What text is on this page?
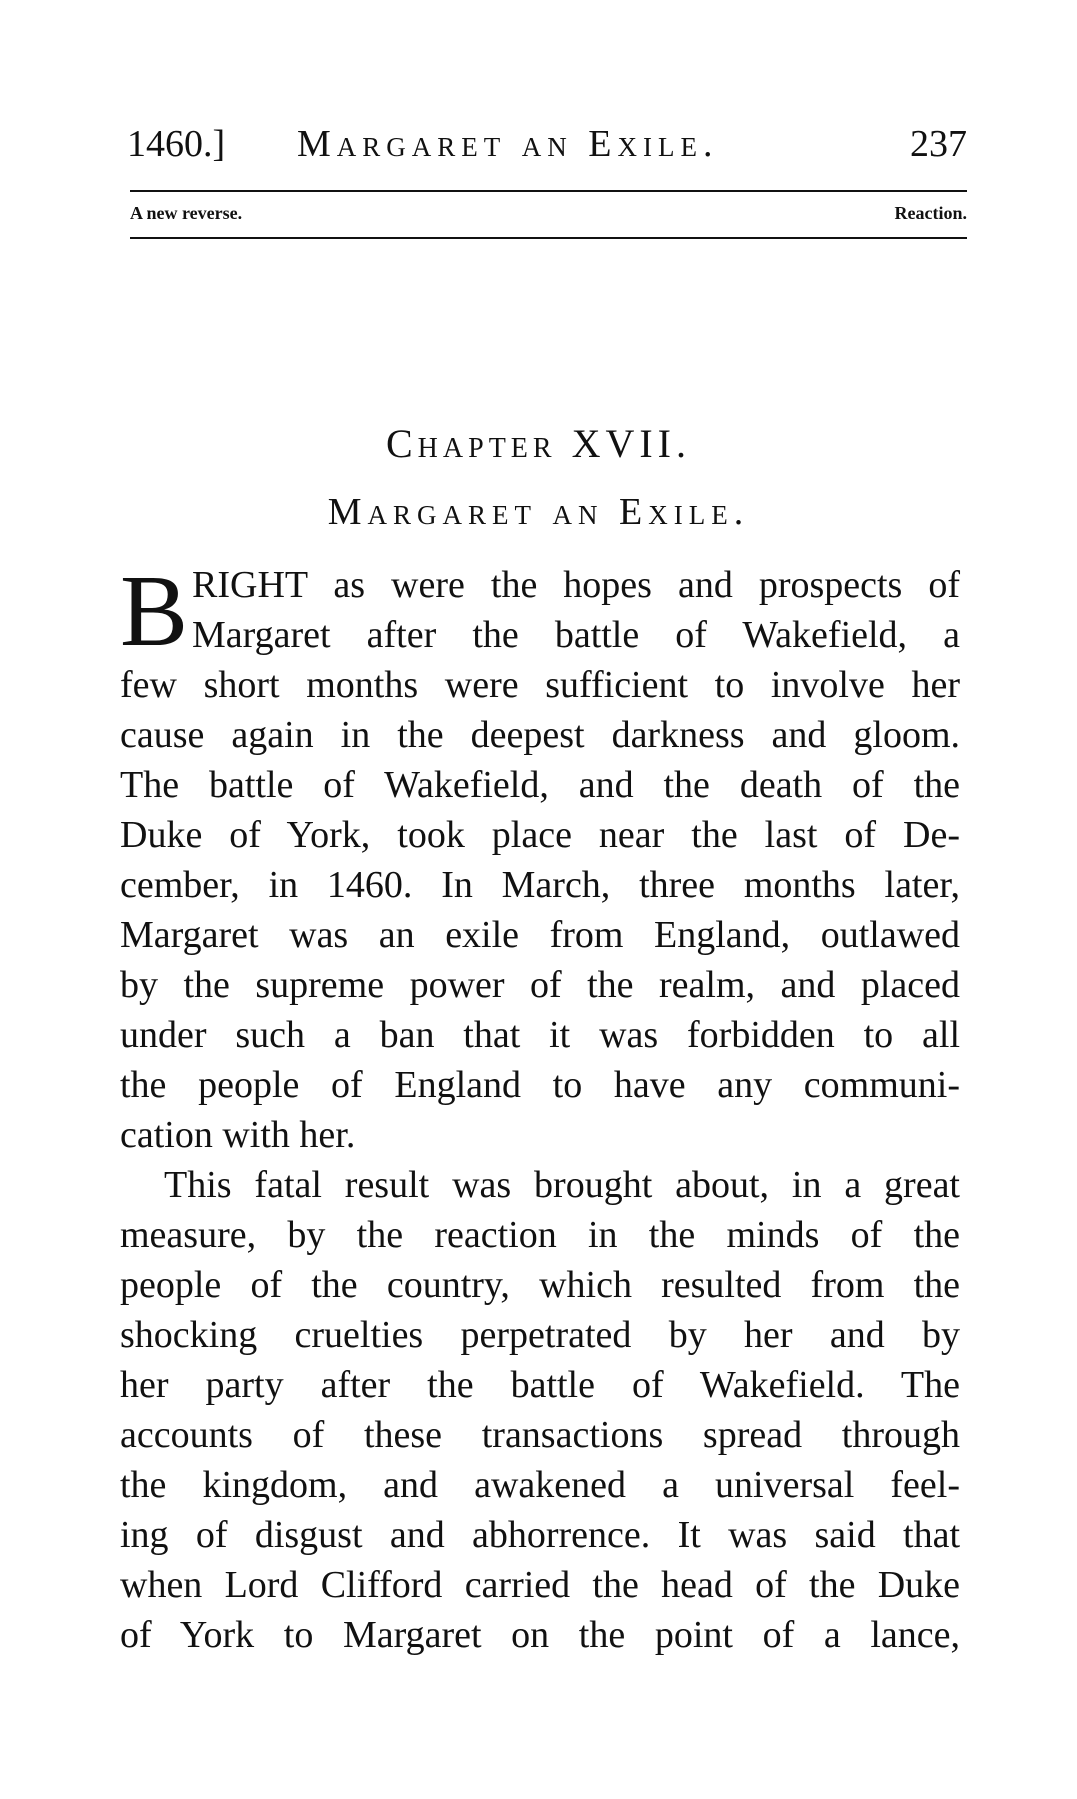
1460.] Margaret an Exile.	237
A new reverse.	Reaction.
Chapter XVII.
Margaret an Exile.
B RIGHT as were the hopes and prospects of
Margaret after the battle of Wakefield, a
few short months were sufficient to involve her
cause again in the deepest darkness and gloom.
The battle of Wakefield, and the death of the
Duke of York, took place near the last of De-
cember, in 1460. In March, three months later,
Margaret was an exile from England, outlawed
by the supreme power of the realm, and placed
under such a ban that it was forbidden to all
the people of England to have any communi-
cation with her.
This fatal result was brought about, in a great
measure, by the reaction in the minds of the
people of the country, which resulted from the
shocking cruelties perpetrated by her and by
her party after the battle of Wakefield. The
accounts of these transactions spread through
the kingdom, and awakened a universal feel-
ing of disgust and abhorrence. It was said that
when Lord Clifford carried the head of the Duke
of York to Margaret on the point of a lance,
